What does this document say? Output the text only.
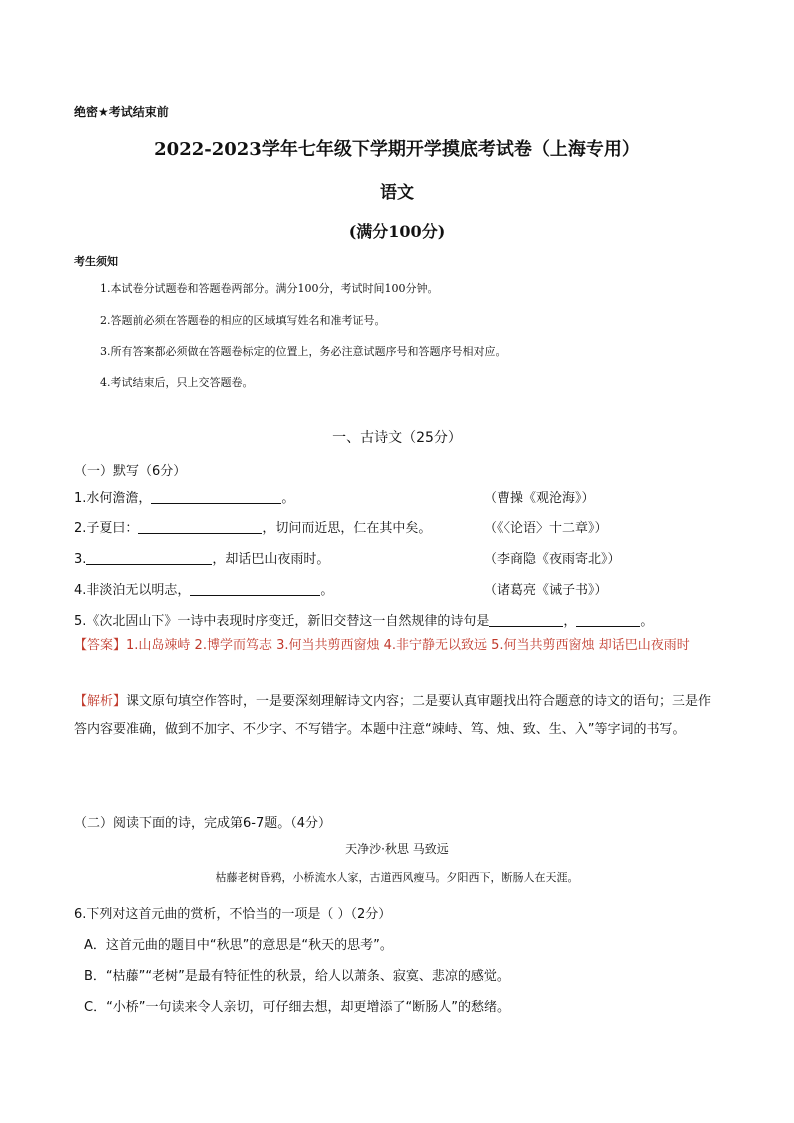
绝密★考试结束前
2022-2023学年七年级下学期开学摸底考试卷（上海专用）
语文
(满分100分)
考生须知
1.本试卷分试题卷和答题卷两部分。满分100分，考试时间100分钟。
2.答题前必须在答题卷的相应的区域填写姓名和准考证号。
3.所有答案都必须做在答题卷标定的位置上，务必注意试题序号和答题序号相对应。
4.考试结束后，只上交答题卷。
一、古诗文（25分）
（一）默写（6分）
1.水何澹澹，	。	（曹操《观沧海》）
2.子夏曰：	，切问而近思，仁在其中矣。	（《〈论语〉十二章》）
3.	，却话巴山夜雨时。	（李商隐《夜雨寄北》）
4.非淡泊无以明志，	。	（诸葛亮《诫子书》）
5.《次北固山下》一诗中表现时序变迁，新旧交替这一自然规律的诗句是	，	。
【答案】1.山岛竦峙 2.博学而笃志 3.何当共剪西窗烛 4.非宁静无以致远 5.何当共剪西窗烛 却话巴山夜雨时
【解析】课文原句填空作答时，一是要深刻理解诗文内容；二是要认真审题找出符合题意的诗文的语句；三是作答内容要准确，做到不加字、不少字、不写错字。本题中注意“竦峙、笃、烛、致、生、入”等字词的书写。
（二）阅读下面的诗，完成第6-7题。（4分）
天净沙·秋思 马致远
枯藤老树昏鸦，小桥流水人家，古道西风瘦马。夕阳西下，断肠人在天涯。
6.下列对这首元曲的赏析，不恰当的一项是（ ）（2分）
A．这首元曲的题目中“秋思”的意思是“秋天的思考”。
B．“枯藤”“老树”是最有特征性的秋景，给人以萧条、寂寞、悲凉的感觉。
C．“小桥”一句读来令人亲切，可仔细去想，却更增添了“断肠人”的愁绪。
